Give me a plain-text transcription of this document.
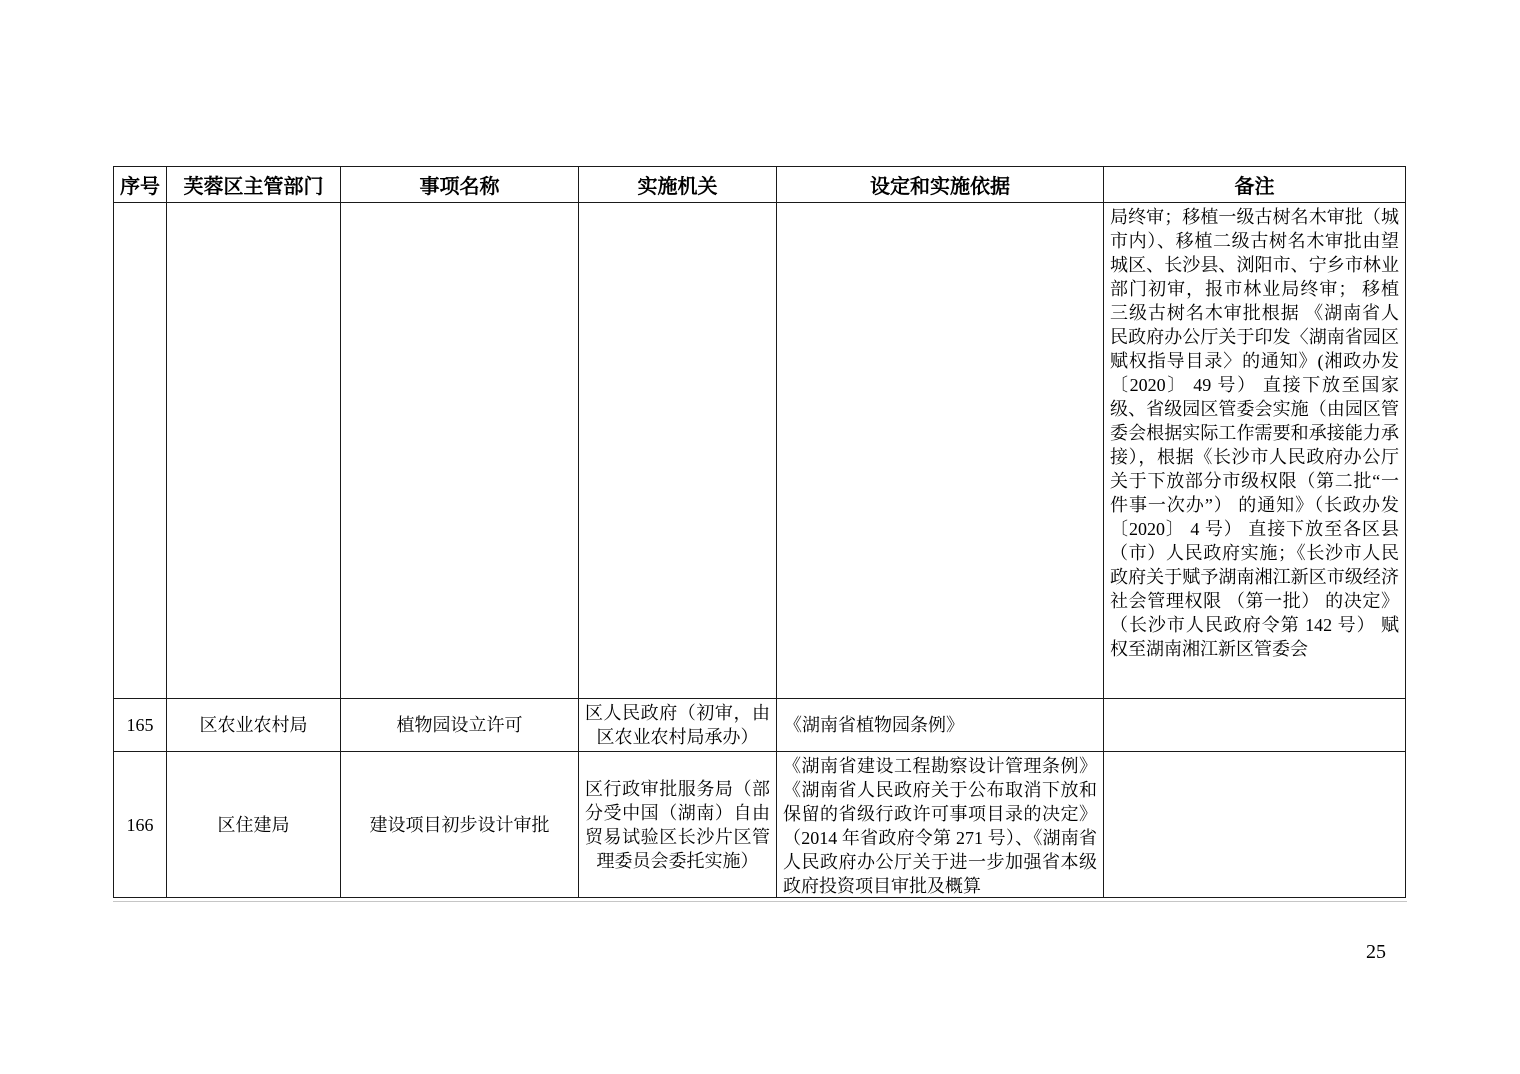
序号	芙蓉区主管部门	事项名称	实施机关	设定和实施依据	备注

					局终审；移植一级古树名木审批（城市内）、移植二级古树名木审批由望城区、长沙县、浏阳市、宁乡市林业部门初审，报市林业局终审； 移植三级古树名木审批根据 《湖南省人民政府办公厅关于印发〈湖南省园区赋权指导目录〉的通知》(湘政办发 〔2020〕 49 号） 直接下放至国家级、省级园区管委会实施（由园区管委会根据实际工作需要和承接能力承接），根据《长沙市人民政府办公厅关于下放部分市级权限（第二批“一件事一次办”） 的通知》（长政办发 〔2020〕 4 号） 直接下放至各区县（市）人民政府实施；《长沙市人民政府关于赋予湖南湘江新区市级经济社会管理权限 （第一批） 的决定》（长沙市人民政府令第 142 号） 赋权至湖南湘江新区管委会

165	区农业农村局	植物园设立许可	区人民政府（初审，由区农业农村局承办）	《湖南省植物园条例》	
166	区住建局	建设项目初步设计审批	区行政审批服务局（部分受中国（湖南）自由贸易试验区长沙片区管理委员会委托实施）	《湖南省建设工程勘察设计管理条例》《湖南省人民政府关于公布取消下放和保留的省级行政许可事项目录的决定》（2014 年省政府令第 271 号）、《湖南省人民政府办公厅关于进一步加强省本级政府投资项目审批及概算	

25
